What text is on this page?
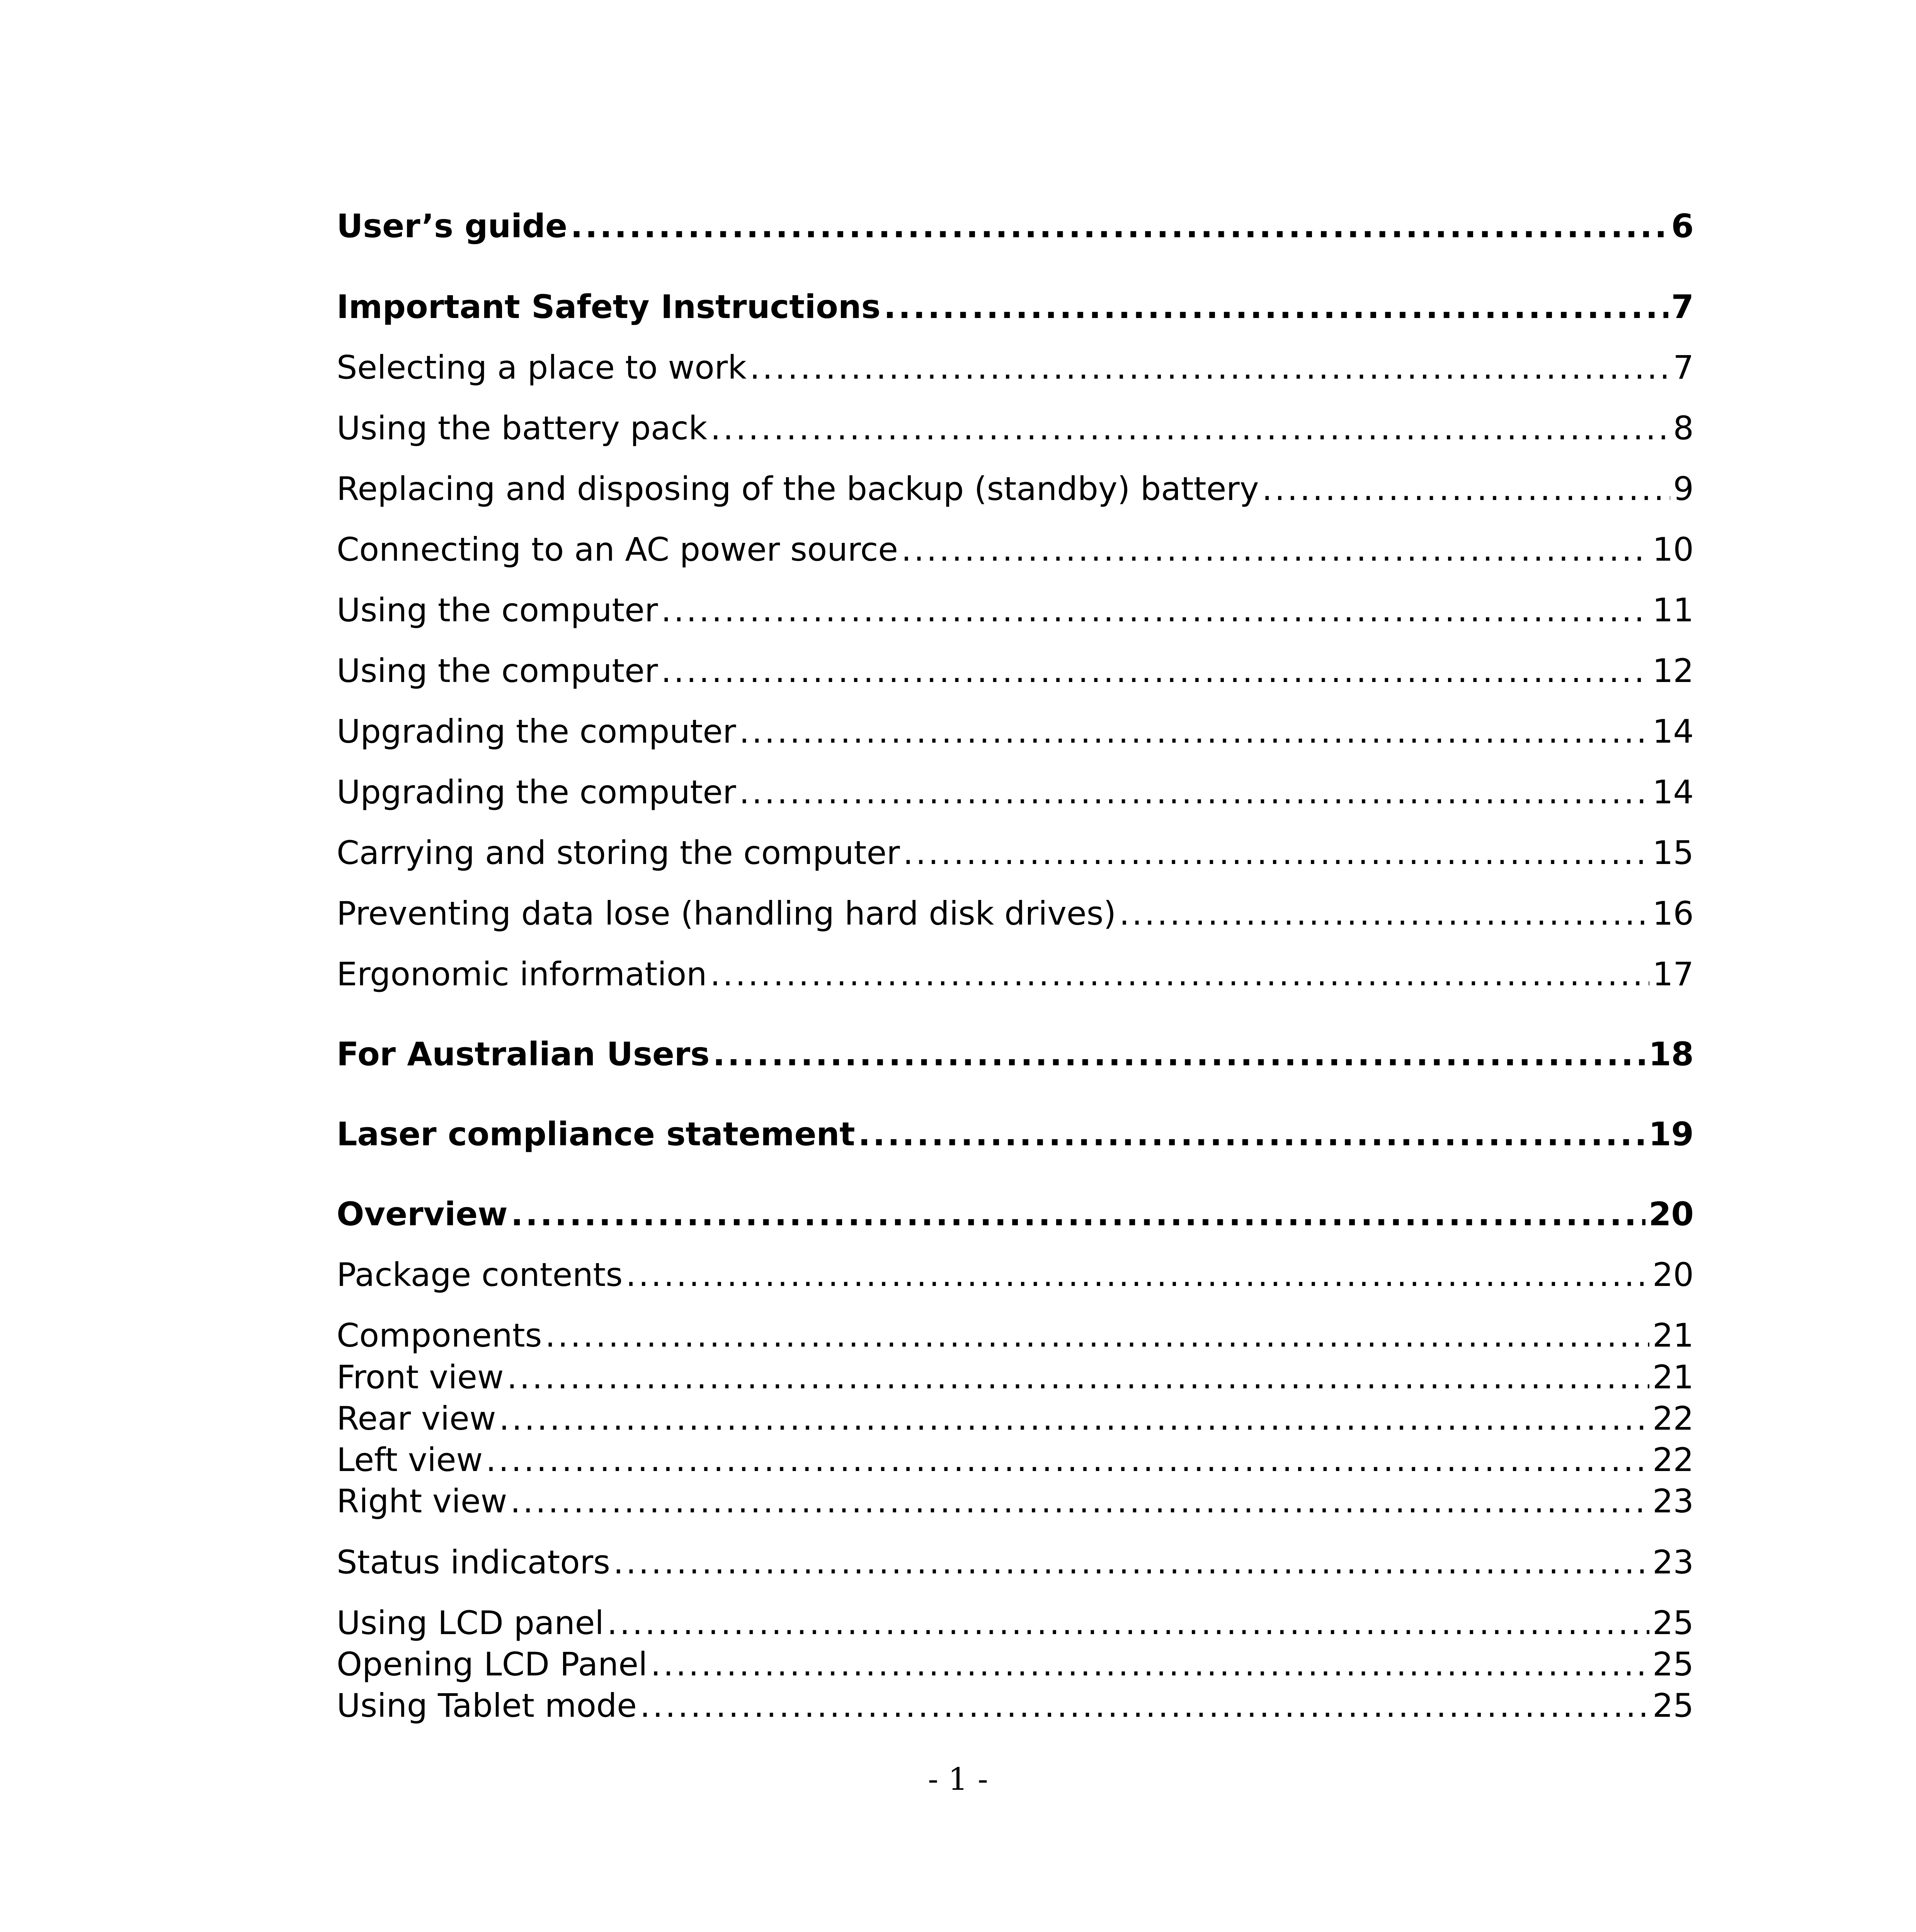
User’s guide .....	6
Important Safety Instructions .....	7
Selecting a place to work .....	7
Using the battery pack .....	8
Replacing and disposing of the backup (standby) battery .....	9
Connecting to an AC power source .....	10
Using the computer .....	11
Using the computer .....	12
Upgrading the computer .....	14
Upgrading the computer .....	14
Carrying and storing the computer .....	15
Preventing data lose (handling hard disk drives) .....	16
Ergonomic information .....	17
For Australian Users .....	18
Laser compliance statement .....	19
Overview .....	20
Package contents .....	20
Components .....	21
Front view .....	21
Rear view .....	22
Left view .....	22
Right view .....	23
Status indicators .....	23
Using LCD panel .....	25
Opening LCD Panel .....	25
Using Tablet mode .....	25
- 1 -
